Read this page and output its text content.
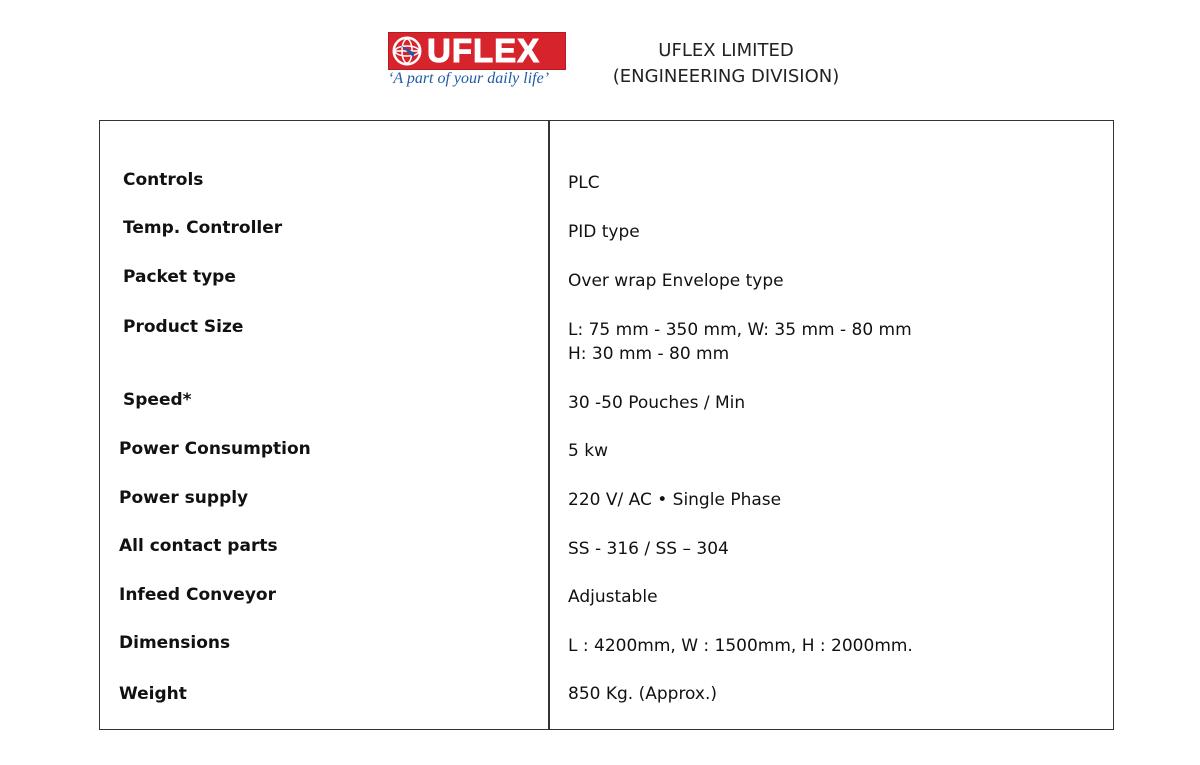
UFLEX
‘A part of your daily life’
UFLEX LIMITED
(ENGINEERING DIVISION)
Controls	PLC
Temp. Controller	PID type
Packet type	Over wrap Envelope type
Product Size	L: 75 mm - 350 mm, W: 35 mm - 80 mm
H: 30 mm - 80 mm
Speed*	30 -50 Pouches / Min
Power Consumption	5 kw
Power supply	220 V/ AC • Single Phase
All contact parts	SS - 316 / SS – 304
Infeed Conveyor	Adjustable
Dimensions	L : 4200mm, W : 1500mm, H : 2000mm.
Weight	850 Kg. (Approx.)
